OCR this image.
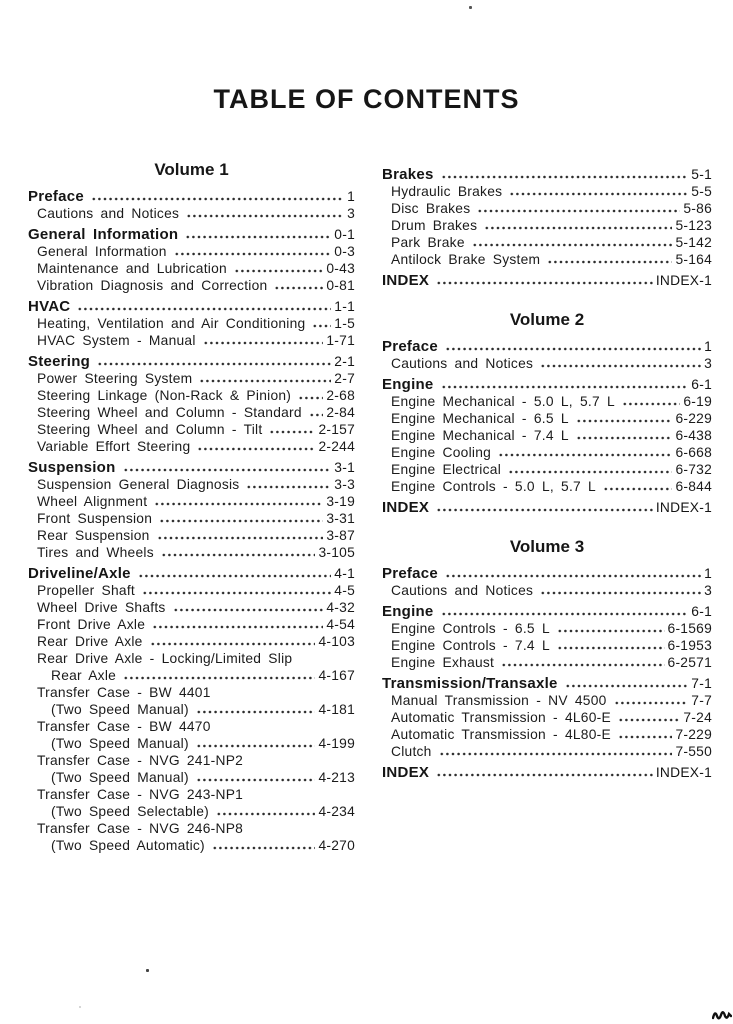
TABLE OF CONTENTS
Volume 1
Preface	1
Cautions and Notices	3
General Information	0-1
General Information	0-3
Maintenance and Lubrication	0-43
Vibration Diagnosis and Correction	0-81
HVAC	1-1
Heating, Ventilation and Air Conditioning 1-5
HVAC System - Manual	1-71
Steering	2-1
Power Steering System	2-7
Steering Linkage (Non-Rack & Pinion)	2-68
Steering Wheel and Column - Standard 2-84
Steering Wheel and Column - Tilt	2-157
Variable Effort Steering	2-244
Suspension	3-1
Suspension General Diagnosis	3-3
Wheel Alignment	3-19
Front Suspension	3-31
Rear Suspension	3-87
Tires and Wheels	3-105
Driveline/Axle	4-1
Propeller Shaft	4-5
Wheel Drive Shafts	4-32
Front Drive Axle	4-54
Rear Drive Axle	4-103
Rear Drive Axle - Locking/Limited Slip
Rear Axle	4-167
Transfer Case - BW 4401
(Two Speed Manual)	4-181
Transfer Case - BW 4470
(Two Speed Manual)	4-199
Transfer Case - NVG 241-NP2
(Two Speed Manual)	4-213
Transfer Case - NVG 243-NP1
(Two Speed Selectable)	4-234
Transfer Case - NVG 246-NP8
(Two Speed Automatic)	4-270
Brakes	5-1
Hydraulic Brakes	5-5
Disc Brakes	5-86
Drum Brakes	5-123
Park Brake	5-142
Antilock Brake System	5-164
INDEX	INDEX-1
Volume 2
Preface	1
Cautions and Notices	3
Engine	6-1
Engine Mechanical - 5.0 L, 5.7 L	6-19
Engine Mechanical - 6.5 L	6-229
Engine Mechanical - 7.4 L	6-438
Engine Cooling	6-668
Engine Electrical	6-732
Engine Controls - 5.0 L, 5.7 L	6-844
INDEX	INDEX-1
Volume 3
Preface	1
Cautions and Notices	3
Engine	6-1
Engine Controls - 6.5 L	6-1569
Engine Controls - 7.4 L	6-1953
Engine Exhaust	6-2571
Transmission/Transaxle	7-1
Manual Transmission - NV 4500	7-7
Automatic Transmission - 4L60-E	7-24
Automatic Transmission - 4L80-E	7-229
Clutch	7-550
INDEX	INDEX-1
